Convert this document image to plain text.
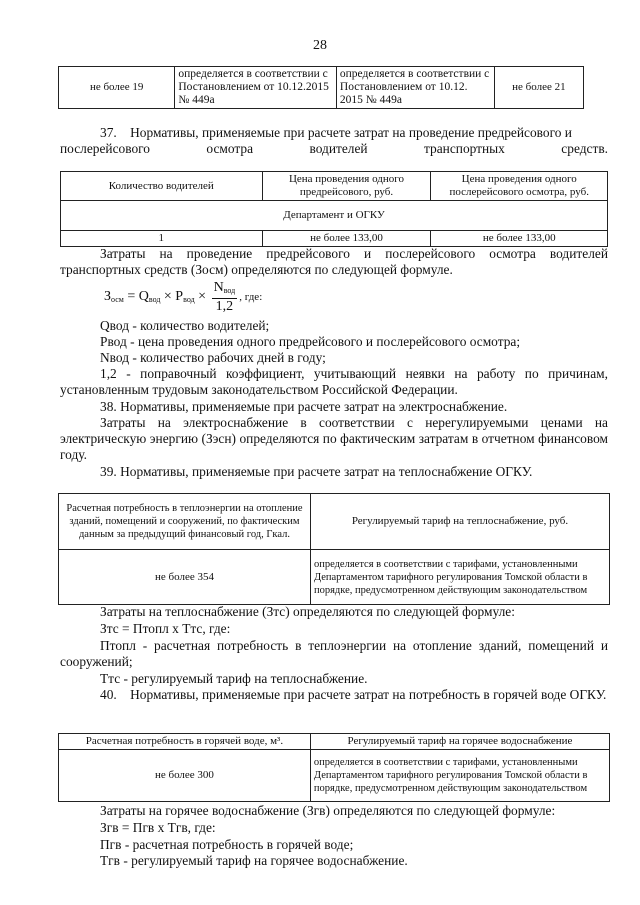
28
не более 19	определяется в соответствии с Постановлением от 10.12.2015 № 449а	определяется в соответствии с Постановлением от 10.12. 2015 № 449а	не более 21

37. Нормативы, применяемые при расчете затрат на проведение предрейсового и

послерейсового осмотра водителей транспортных средств.

Количество водителей	Цена проведения одного предрейсового, руб.	Цена проведения одного послерейсового осмотра, руб.
Департамент и ОГКУ		
1	не более 133,00	не более 133,00

Затраты на проведение предрейсового и послерейсового осмотра водителей транспортных средств (Зосм) определяются по следующей формуле.

$З_{осм} = Q_{вод} \times P_{вод} \times \frac{N_{вод}}{1,2}$ , где:

Qвод - количество водителей;

Pвод - цена проведения одного предрейсового и послерейсового осмотра;

Nвод - количество рабочих дней в году;

1,2 - поправочный коэффициент, учитывающий неявки на работу по причинам, установленным трудовым законодательством Российской Федерации.

38. Нормативы, применяемые при расчете затрат на электроснабжение.

Затраты на электроснабжение в соответствии с нерегулируемыми ценами на электрическую энергию (Зэсн) определяются по фактическим затратам в отчетном финансовом году.

39. Нормативы, применяемые при расчете затрат на теплоснабжение ОГКУ.

Расчетная потребность в теплоэнергии на отопление зданий, помещений и сооружений, по фактическим данным за предыдущий финансовый год, Гкал.	Регулируемый тариф на теплоснабжение, руб.
не более 354	определяется в соответствии с тарифами, установленными Департаментом тарифного регулирования Томской области в порядке, предусмотренном действующим законодательством

Затраты на теплоснабжение (Зтс) определяются по следующей формуле:

Зтс = Птопл х Ттс, где:

Птопл - расчетная потребность в теплоэнергии на отопление зданий, помещений и сооружений;

Ттс - регулируемый тариф на теплоснабжение.

40. Нормативы, применяемые при расчете затрат на потребность в горячей воде ОГКУ.

Расчетная потребность в горячей воде, м³.	Регулируемый тариф на горячее водоснабжение
не более 300	определяется в соответствии с тарифами, установленными Департаментом тарифного регулирования Томской области в порядке, предусмотренном действующим законодательством

Затраты на горячее водоснабжение (Згв) определяются по следующей формуле:

Згв = Пгв х Тгв, где:

Пгв - расчетная потребность в горячей воде;

Тгв - регулируемый тариф на горячее водоснабжение.
